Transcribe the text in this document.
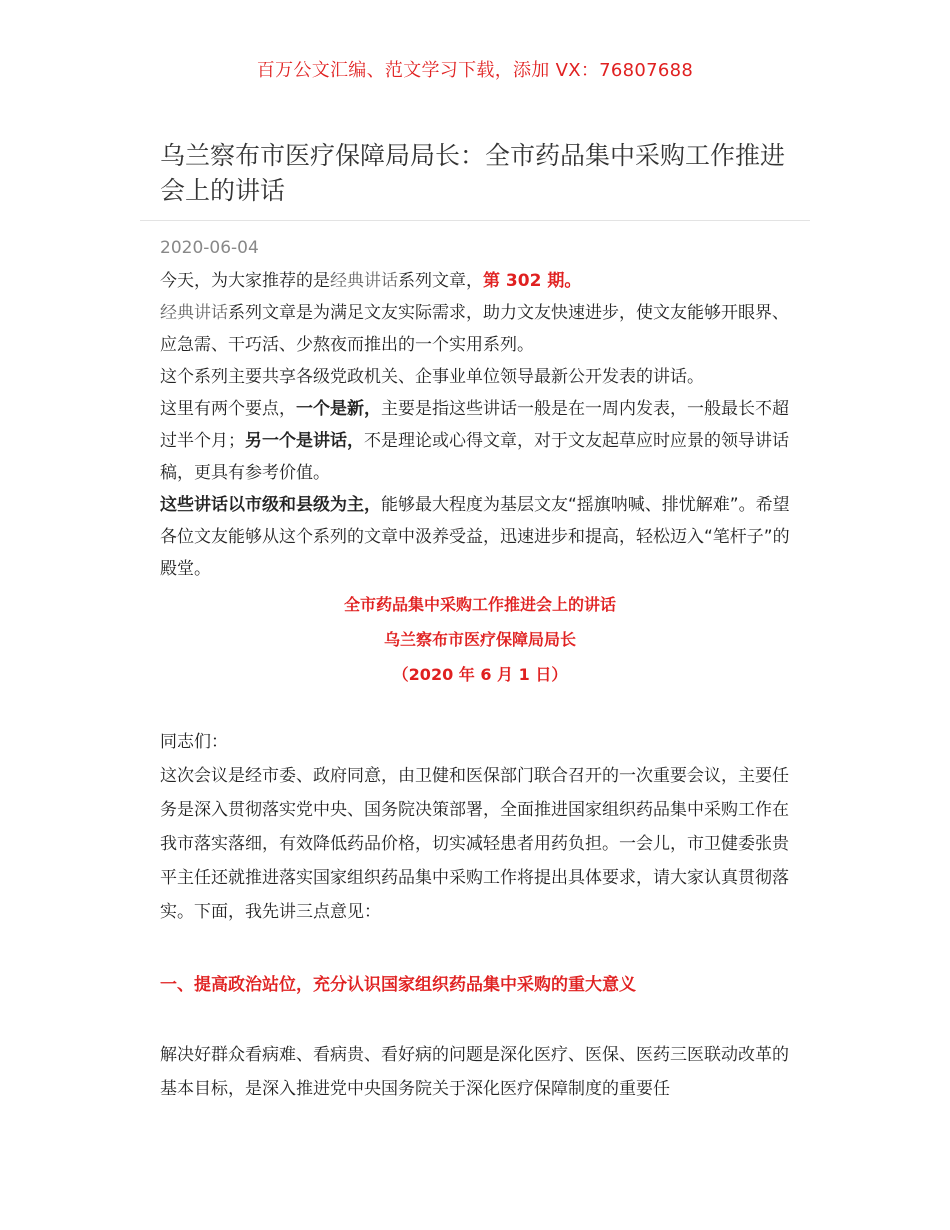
百万公文汇编、范文学习下载，添加 VX：76807688
乌兰察布市医疗保障局局长：全市药品集中采购工作推进会上的讲话
2020-06-04

今天，为大家推荐的是经典讲话系列文章，第 302 期。

经典讲话系列文章是为满足文友实际需求，助力文友快速进步，使文友能够开眼界、应急需、干巧活、少熬夜而推出的一个实用系列。

这个系列主要共享各级党政机关、企事业单位领导最新公开发表的讲话。

这里有两个要点，一个是新，主要是指这些讲话一般是在一周内发表，一般最长不超过半个月；另一个是讲话，不是理论或心得文章，对于文友起草应时应景的领导讲话稿，更具有参考价值。

这些讲话以市级和县级为主，能够最大程度为基层文友“摇旗呐喊、排忧解难”。希望各位文友能够从这个系列的文章中汲养受益，迅速进步和提高，轻松迈入“笔杆子”的殿堂。

全市药品集中采购工作推进会上的讲话

乌兰察布市医疗保障局局长

（2020 年 6 月 1 日）

同志们：

这次会议是经市委、政府同意，由卫健和医保部门联合召开的一次重要会议，主要任务是深入贯彻落实党中央、国务院决策部署，全面推进国家组织药品集中采购工作在我市落实落细，有效降低药品价格，切实减轻患者用药负担。一会儿，市卫健委张贵平主任还就推进落实国家组织药品集中采购工作将提出具体要求，请大家认真贯彻落实。下面，我先讲三点意见：

一、提高政治站位，充分认识国家组织药品集中采购的重大意义

解决好群众看病难、看病贵、看好病的问题是深化医疗、医保、医药三医联动改革的基本目标，是深入推进党中央国务院关于深化医疗保障制度的重要任
